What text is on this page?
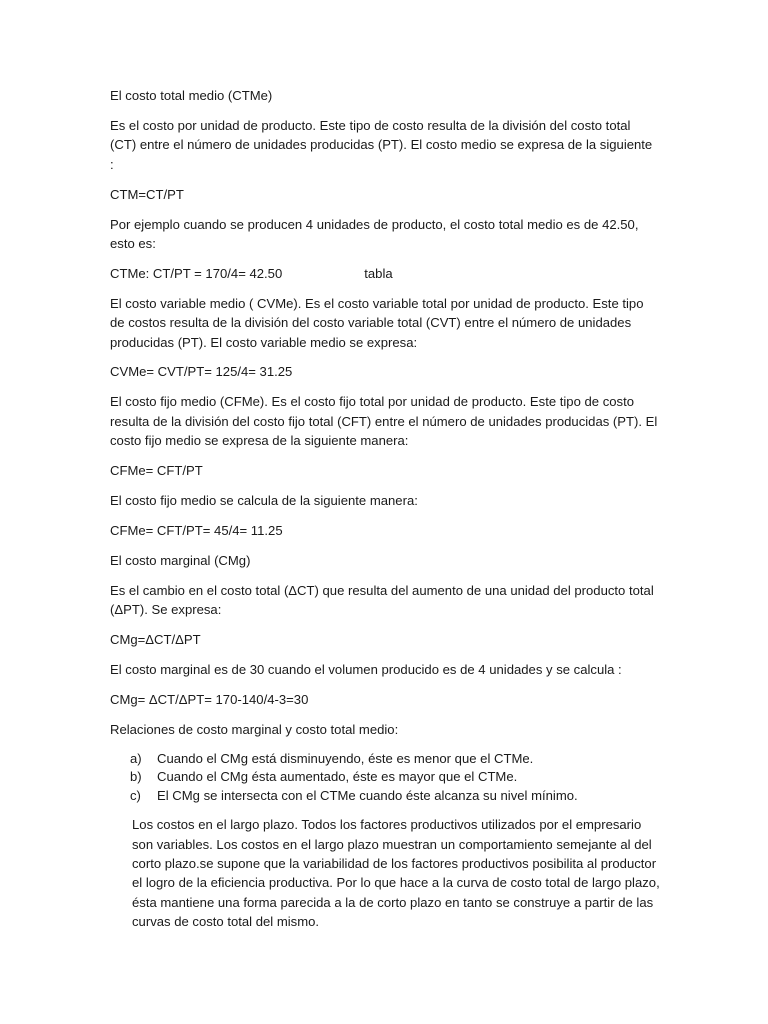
El costo total medio (CTMe)

Es el costo por unidad de producto. Este tipo de costo resulta de la división del costo total (CT) entre el número de unidades producidas (PT). El costo medio se expresa de la siguiente :

CTM=CT/PT

Por ejemplo cuando se producen 4 unidades de producto, el costo total medio es de 42.50, esto es:

CTMe: CT/PT = 170/4= 42.50	tabla

El costo variable medio ( CVMe). Es el costo variable total por unidad de producto. Este tipo de costos resulta de la división del costo variable total (CVT) entre el número de unidades producidas (PT). El costo variable medio se expresa:

CVMe= CVT/PT= 125/4= 31.25

El costo fijo medio (CFMe). Es el costo fijo total por unidad de producto. Este tipo de costo resulta de la división del costo fijo total (CFT) entre el número de unidades producidas (PT). El costo fijo medio se expresa de la siguiente manera:

CFMe= CFT/PT

El costo fijo medio se calcula de la siguiente manera:

CFMe= CFT/PT= 45/4= 11.25

El costo marginal (CMg)

Es el cambio en el costo total (ΔCT) que resulta del aumento de una unidad del producto total (ΔPT). Se expresa:

CMg=ΔCT/ΔPT

El costo marginal es de 30 cuando el volumen producido es de 4 unidades y se calcula :

CMg= ΔCT/ΔPT= 170-140/4-3=30

Relaciones de costo marginal y costo total medio:

a)	Cuando el CMg está disminuyendo, éste es menor que el CTMe.
b)	Cuando el CMg ésta aumentado, éste es mayor que el CTMe.
c)	El CMg se intersecta con el CTMe cuando éste alcanza su nivel mínimo.

Los costos en el largo plazo. Todos los factores productivos utilizados por el empresario son variables. Los costos en el largo plazo muestran un comportamiento semejante al del corto plazo.se supone que la variabilidad de los factores productivos posibilita al productor el logro de la eficiencia productiva. Por lo que hace a la curva de costo total de largo plazo, ésta mantiene una forma parecida a la de corto plazo en tanto se construye a partir de las curvas de costo total del mismo.
